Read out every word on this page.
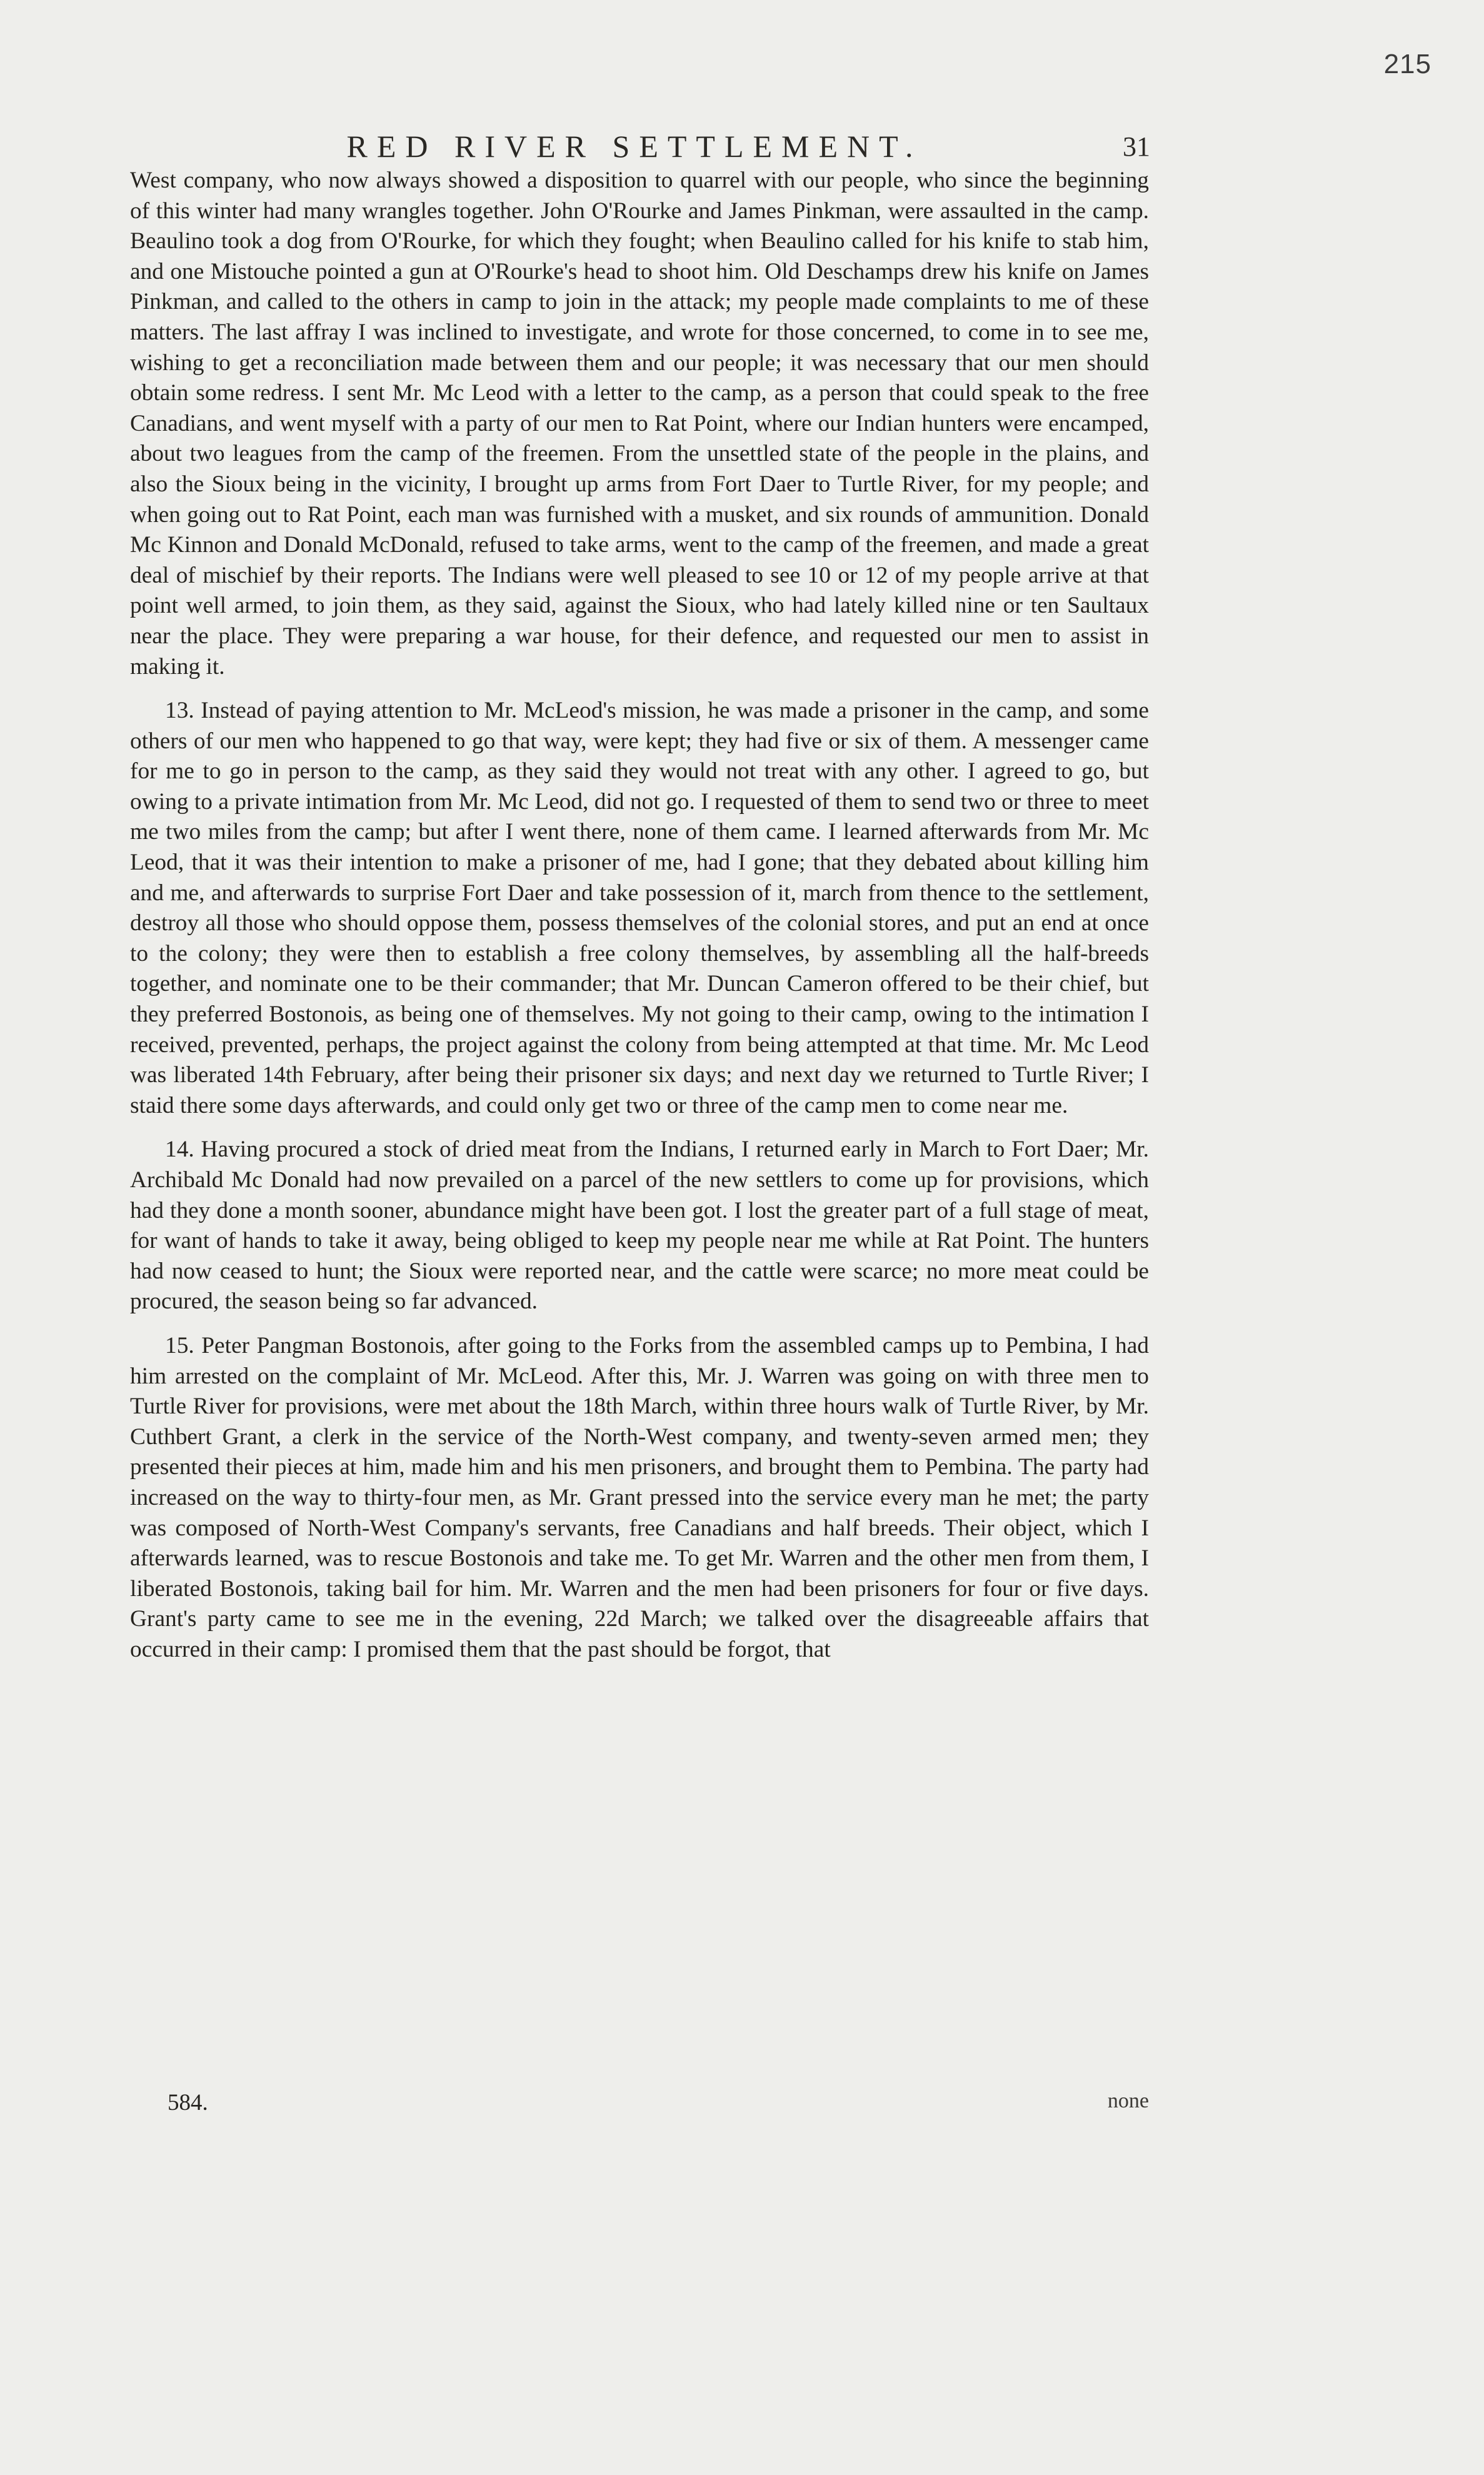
215
RED RIVER SETTLEMENT.	31

West company, who now always showed a disposition to quarrel with our people, who since the beginning of this winter had many wrangles together. John O'Rourke and James Pinkman, were assaulted in the camp. Beaulino took a dog from O'Rourke, for which they fought; when Beaulino called for his knife to stab him, and one Mistouche pointed a gun at O'Rourke's head to shoot him. Old Deschamps drew his knife on James Pinkman, and called to the others in camp to join in the attack; my people made complaints to me of these matters. The last affray I was inclined to investigate, and wrote for those concerned, to come in to see me, wishing to get a reconciliation made between them and our people; it was necessary that our men should obtain some redress. I sent Mr. Mc Leod with a letter to the camp, as a person that could speak to the free Canadians, and went myself with a party of our men to Rat Point, where our Indian hunters were encamped, about two leagues from the camp of the freemen. From the unsettled state of the people in the plains, and also the Sioux being in the vicinity, I brought up arms from Fort Daer to Turtle River, for my people; and when going out to Rat Point, each man was furnished with a musket, and six rounds of ammunition. Donald Mc Kinnon and Donald McDonald, refused to take arms, went to the camp of the freemen, and made a great deal of mischief by their reports. The Indians were well pleased to see 10 or 12 of my people arrive at that point well armed, to join them, as they said, against the Sioux, who had lately killed nine or ten Saultaux near the place. They were preparing a war house, for their defence, and requested our men to assist in making it.

13. Instead of paying attention to Mr. McLeod's mission, he was made a prisoner in the camp, and some others of our men who happened to go that way, were kept; they had five or six of them. A messenger came for me to go in person to the camp, as they said they would not treat with any other. I agreed to go, but owing to a private intimation from Mr. Mc Leod, did not go. I requested of them to send two or three to meet me two miles from the camp; but after I went there, none of them came. I learned afterwards from Mr. Mc Leod, that it was their intention to make a prisoner of me, had I gone; that they debated about killing him and me, and afterwards to surprise Fort Daer and take possession of it, march from thence to the settlement, destroy all those who should oppose them, possess themselves of the colonial stores, and put an end at once to the colony; they were then to establish a free colony themselves, by assembling all the half-breeds together, and nominate one to be their commander; that Mr. Duncan Cameron offered to be their chief, but they preferred Bostonois, as being one of themselves. My not going to their camp, owing to the intimation I received, prevented, perhaps, the project against the colony from being attempted at that time. Mr. Mc Leod was liberated 14th February, after being their prisoner six days; and next day we returned to Turtle River; I staid there some days afterwards, and could only get two or three of the camp men to come near me.

14. Having procured a stock of dried meat from the Indians, I returned early in March to Fort Daer; Mr. Archibald Mc Donald had now prevailed on a parcel of the new settlers to come up for provisions, which had they done a month sooner, abundance might have been got. I lost the greater part of a full stage of meat, for want of hands to take it away, being obliged to keep my people near me while at Rat Point. The hunters had now ceased to hunt; the Sioux were reported near, and the cattle were scarce; no more meat could be procured, the season being so far advanced.

15. Peter Pangman Bostonois, after going to the Forks from the assembled camps up to Pembina, I had him arrested on the complaint of Mr. McLeod. After this, Mr. J. Warren was going on with three men to Turtle River for provisions, were met about the 18th March, within three hours walk of Turtle River, by Mr. Cuthbert Grant, a clerk in the service of the North-West company, and twenty-seven armed men; they presented their pieces at him, made him and his men prisoners, and brought them to Pembina. The party had increased on the way to thirty-four men, as Mr. Grant pressed into the service every man he met; the party was composed of North-West Company's servants, free Canadians and half breeds. Their object, which I afterwards learned, was to rescue Bostonois and take me. To get Mr. Warren and the other men from them, I liberated Bostonois, taking bail for him. Mr. Warren and the men had been prisoners for four or five days. Grant's party came to see me in the evening, 22d March; we talked over the disagreeable affairs that occurred in their camp: I promised them that the past should be forgot, that

584.	none
